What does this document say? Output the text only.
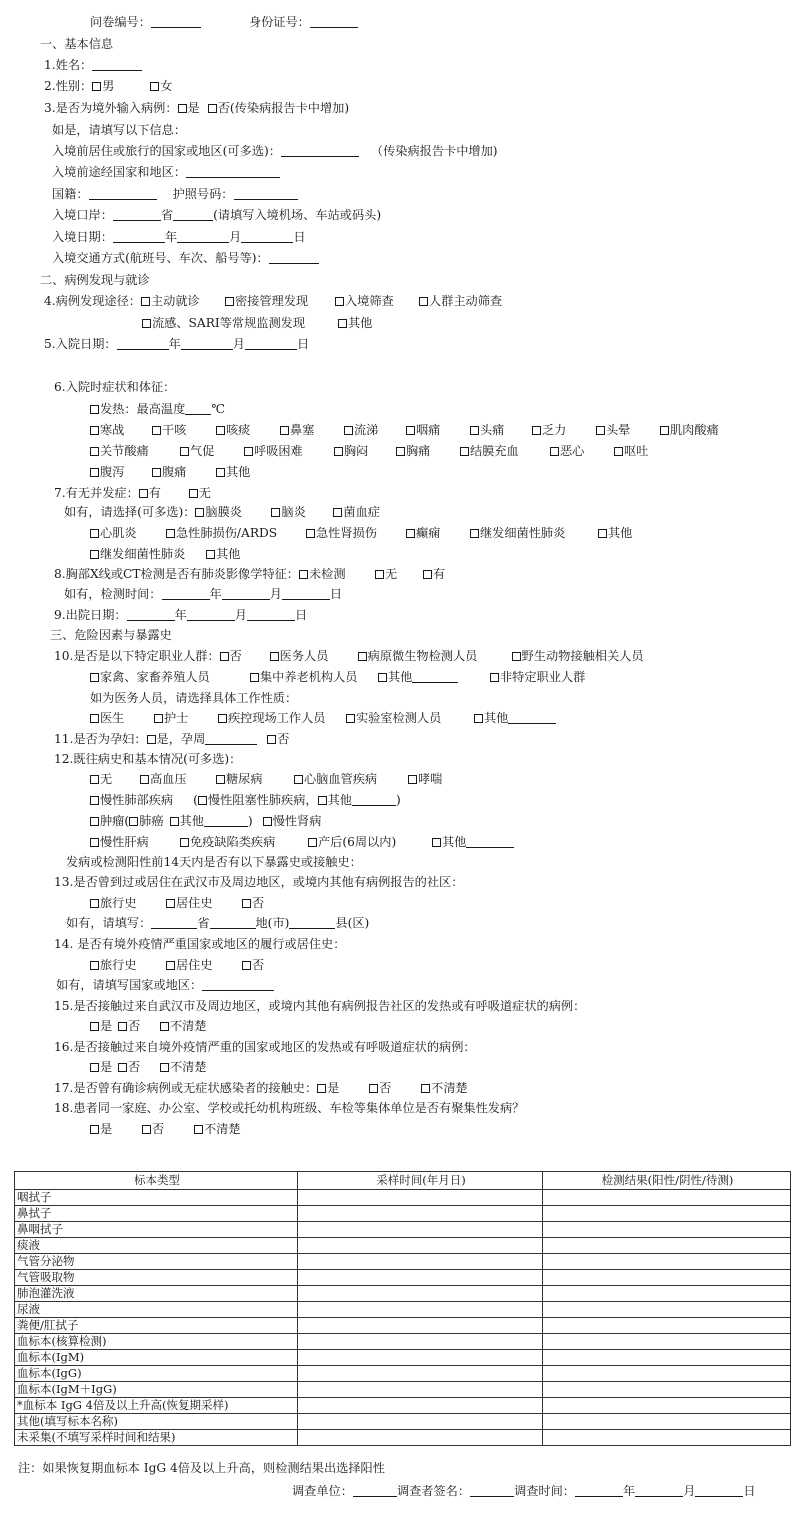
问卷编号：	身份证号：
一、基本信息
1.姓名：
2.性别： 男	女
3.是否为境外输入病例： 是 否(传染病报告卡中增加)
如是，请填写以下信息：
入境前居住或旅行的国家或地区(可多选)：	（传染病报告卡中增加)
入境前途经国家和地区：
国籍：	护照号码：
入境口岸：	省	(请填写入境机场、车站或码头)
入境日期：	年	月	日
入境交通方式(航班号、车次、船号等)：
二、病例发现与就诊
4.病例发现途径： 主动就诊	密接管理发现	入境筛查	人群主动筛查
流感、SARI等常规监测发现	其他
5.入院日期：	年	月	日
6.入院时症状和体征：
发热：最高温度 ℃
寒战	干咳	咳痰	鼻塞	流涕	咽痛	头痛	乏力	头晕	肌肉酸痛
关节酸痛	气促	呼吸困难	胸闷	胸痛	结膜充血	恶心	呕吐
腹泻	腹痛	其他
7.有无并发症： 有	无
如有，请选择(可多选)： 脑膜炎	脑炎	菌血症
心肌炎	急性肺损伤/ARDS	急性肾损伤	癫痫	继发细菌性肺炎	其他
继发细菌性肺炎	其他
8.胸部X线或CT检测是否有肺炎影像学特征： 未检测	无	有
如有，检测时间：	年	月	日
9.出院日期：	年	月	日
三、危险因素与暴露史
10.是否是以下特定职业人群： 否	医务人员	病原微生物检测人员	野生动物接触相关人员
家禽、家畜养殖人员	集中养老机构人员	其他	非特定职业人群
如为医务人员，请选择具体工作性质：
医生	护士	疾控现场工作人员	实验室检测人员	其他
11.是否为孕妇： 是，孕周	否
12.既往病史和基本情况(可多选)：
无	高血压	糖尿病	心脑血管疾病	哮喘
慢性肺部疾病 ( 慢性阻塞性肺疾病， 其他	)
肿瘤( 肺癌 其他	) 慢性肾病
慢性肝病	免疫缺陷类疾病	产后(6周以内)	其他
发病或检测阳性前14天内是否有以下暴露史或接触史：
13.是否曾到过或居住在武汉市及周边地区，或境内其他有病例报告的社区：
旅行史	居住史	否
如有，请填写：	省	地(市)	县(区)
14. 是否有境外疫情严重国家或地区的履行或居住史：
旅行史	居住史	否
如有，请填写国家或地区：
15.是否接触过来自武汉市及周边地区，或境内其他有病例报告社区的发热或有呼吸道症状的病例：
是 否 不清楚
16.是否接触过来自境外疫情严重的国家或地区的发热或有呼吸道症状的病例：
是 否 不清楚
17.是否曾有确诊病例或无症状感染者的接触史： 是	否	不清楚
18.患者同一家庭、办公室、学校或托幼机构班级、车检等集体单位是否有聚集性发病？
是	否	不清楚
标本类型	采样时间(年月日)	检测结果(阳性/阴性/待测)
咽拭子		
鼻拭子		
鼻咽拭子		
痰液		
气管分泌物		
气管吸取物		
肺泡灌洗液		
尿液		
粪便/肛拭子		
血标本(核算检测)		
血标本(IgM)		
血标本(IgG)		
血标本(IgM＋IgG)		
*血标本 IgG 4倍及以上升高(恢复期采样)		
其他(填写标本名称)		
未采集(不填写采样时间和结果)		
注：如果恢复期血标本 IgG 4倍及以上升高，则检测结果出选择阳性
调查单位：	调查者签名：	调查时间：	年	月	日
